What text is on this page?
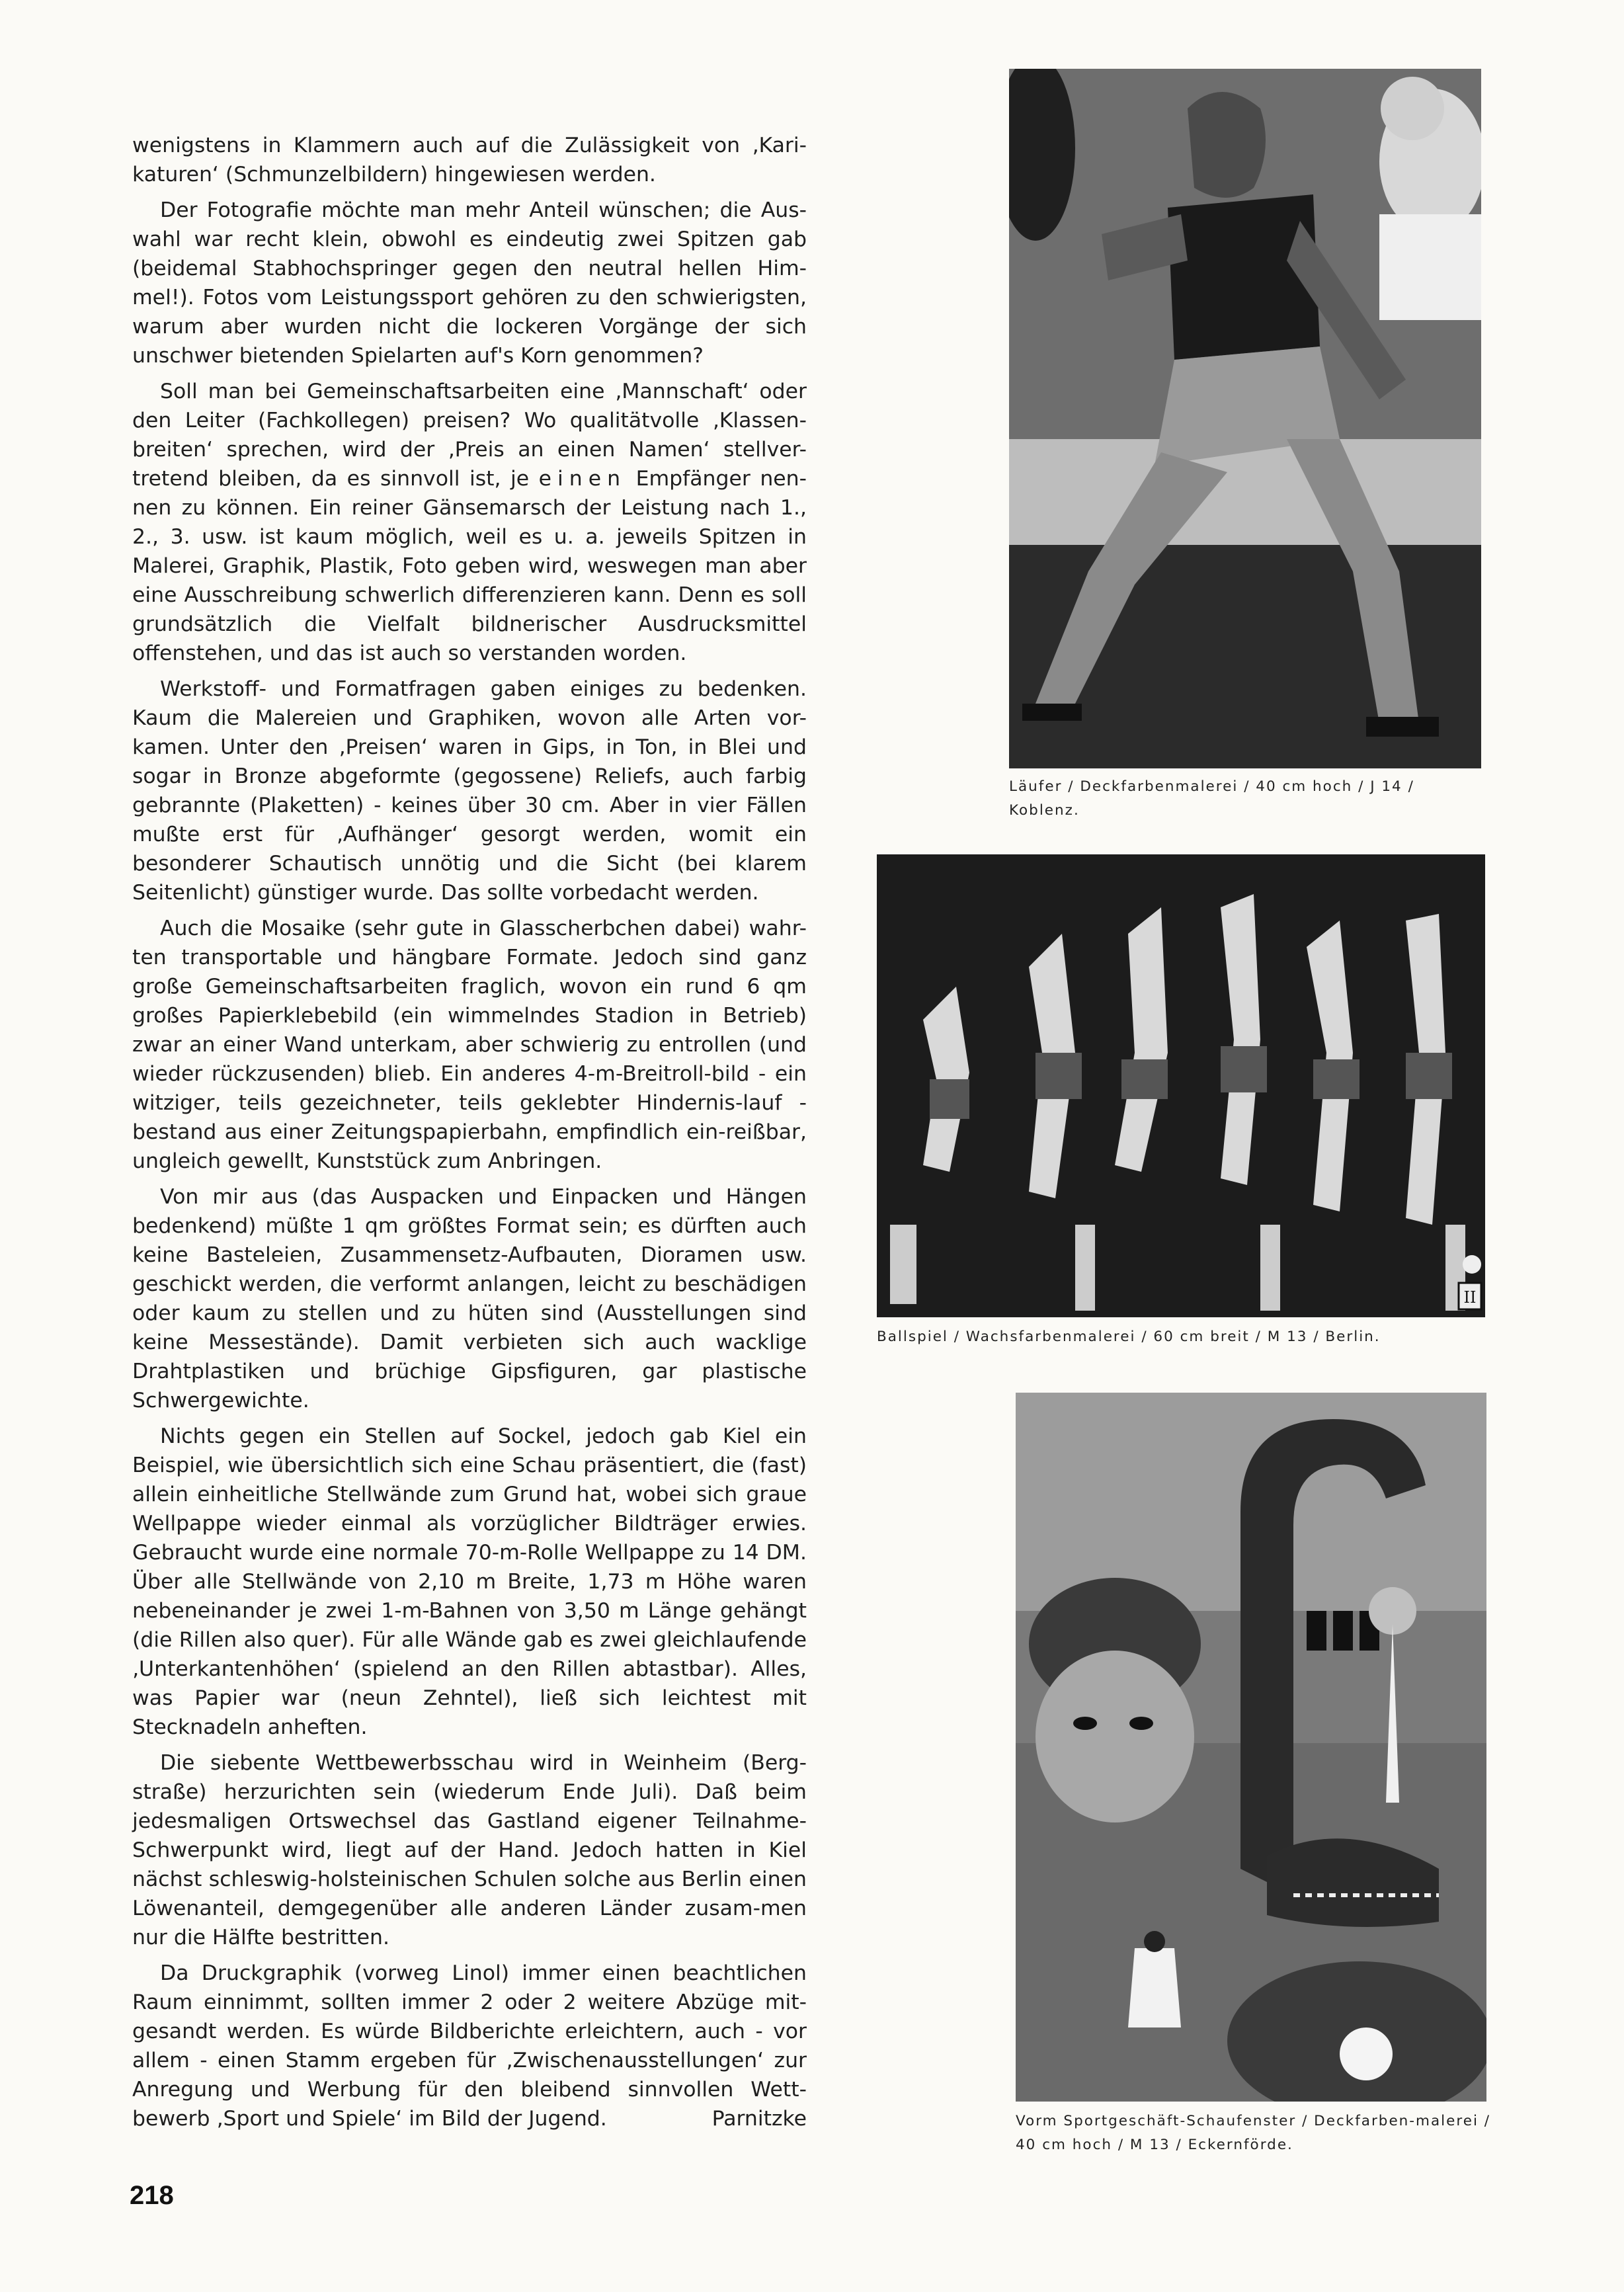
wenigstens in Klammern auch auf die Zulässigkeit von ‚Kari-katuren‘ (Schmunzelbildern) hingewiesen werden.

Der Fotografie möchte man mehr Anteil wünschen; die Aus-wahl war recht klein, obwohl es eindeutig zwei Spitzen gab (beidemal Stabhochspringer gegen den neutral hellen Him-mel!). Fotos vom Leistungssport gehören zu den schwierigsten, warum aber wurden nicht die lockeren Vorgänge der sich unschwer bietenden Spielarten auf's Korn genommen?

Soll man bei Gemeinschaftsarbeiten eine ‚Mannschaft‘ oder den Leiter (Fachkollegen) preisen? Wo qualitätvolle ‚Klassen-breiten‘ sprechen, wird der ‚Preis an einen Namen‘ stellver-tretend bleiben, da es sinnvoll ist, je einen Empfänger nen-nen zu können. Ein reiner Gänsemarsch der Leistung nach 1., 2., 3. usw. ist kaum möglich, weil es u. a. jeweils Spitzen in Malerei, Graphik, Plastik, Foto geben wird, weswegen man aber eine Ausschreibung schwerlich differenzieren kann. Denn es soll grundsätzlich die Vielfalt bildnerischer Ausdrucksmittel offenstehen, und das ist auch so verstanden worden.

Werkstoff- und Formatfragen gaben einiges zu bedenken. Kaum die Malereien und Graphiken, wovon alle Arten vor-kamen. Unter den ‚Preisen‘ waren in Gips, in Ton, in Blei und sogar in Bronze abgeformte (gegossene) Reliefs, auch farbig gebrannte (Plaketten) - keines über 30 cm. Aber in vier Fällen mußte erst für ‚Aufhänger‘ gesorgt werden, womit ein besonderer Schautisch unnötig und die Sicht (bei klarem Seitenlicht) günstiger wurde. Das sollte vorbedacht werden.

Auch die Mosaike (sehr gute in Glasscherbchen dabei) wahr-ten transportable und hängbare Formate. Jedoch sind ganz große Gemeinschaftsarbeiten fraglich, wovon ein rund 6 qm großes Papierklebebild (ein wimmelndes Stadion in Betrieb) zwar an einer Wand unterkam, aber schwierig zu entrollen (und wieder rückzusenden) blieb. Ein anderes 4-m-Breitroll-bild - ein witziger, teils gezeichneter, teils geklebter Hindernis-lauf - bestand aus einer Zeitungspapierbahn, empfindlich ein-reißbar, ungleich gewellt, Kunststück zum Anbringen.

Von mir aus (das Auspacken und Einpacken und Hängen bedenkend) müßte 1 qm größtes Format sein; es dürften auch keine Basteleien, Zusammensetz-Aufbauten, Dioramen usw. geschickt werden, die verformt anlangen, leicht zu beschädigen oder kaum zu stellen und zu hüten sind (Ausstellungen sind keine Messestände). Damit verbieten sich auch wacklige Drahtplastiken und brüchige Gipsfiguren, gar plastische Schwergewichte.

Nichts gegen ein Stellen auf Sockel, jedoch gab Kiel ein Beispiel, wie übersichtlich sich eine Schau präsentiert, die (fast) allein einheitliche Stellwände zum Grund hat, wobei sich graue Wellpappe wieder einmal als vorzüglicher Bildträger erwies. Gebraucht wurde eine normale 70-m-Rolle Wellpappe zu 14 DM. Über alle Stellwände von 2,10 m Breite, 1,73 m Höhe waren nebeneinander je zwei 1-m-Bahnen von 3,50 m Länge gehängt (die Rillen also quer). Für alle Wände gab es zwei gleichlaufende ‚Unterkantenhöhen‘ (spielend an den Rillen abtastbar). Alles, was Papier war (neun Zehntel), ließ sich leichtest mit Stecknadeln anheften.

Die siebente Wettbewerbsschau wird in Weinheim (Berg-straße) herzurichten sein (wiederum Ende Juli). Daß beim jedesmaligen Ortswechsel das Gastland eigener Teilnahme-Schwerpunkt wird, liegt auf der Hand. Jedoch hatten in Kiel nächst schleswig-holsteinischen Schulen solche aus Berlin einen Löwenanteil, demgegenüber alle anderen Länder zusam-men nur die Hälfte bestritten.

Da Druckgraphik (vorweg Linol) immer einen beachtlichen Raum einnimmt, sollten immer 2 oder 2 weitere Abzüge mit-gesandt werden. Es würde Bildberichte erleichtern, auch - vor allem - einen Stamm ergeben für ‚Zwischenausstellungen‘ zur Anregung und Werbung für den bleibend sinnvollen Wett-bewerb ‚Sport und Spiele‘ im Bild der Jugend.	Parnitzke

218
Läufer / Deckfarbenmalerei / 40 cm hoch / J 14 / Koblenz.
II
Ballspiel / Wachsfarbenmalerei / 60 cm breit / M 13 / Berlin.
Vorm Sportgeschäft-Schaufenster / Deckfarben-malerei / 40 cm hoch / M 13 / Eckernförde.
